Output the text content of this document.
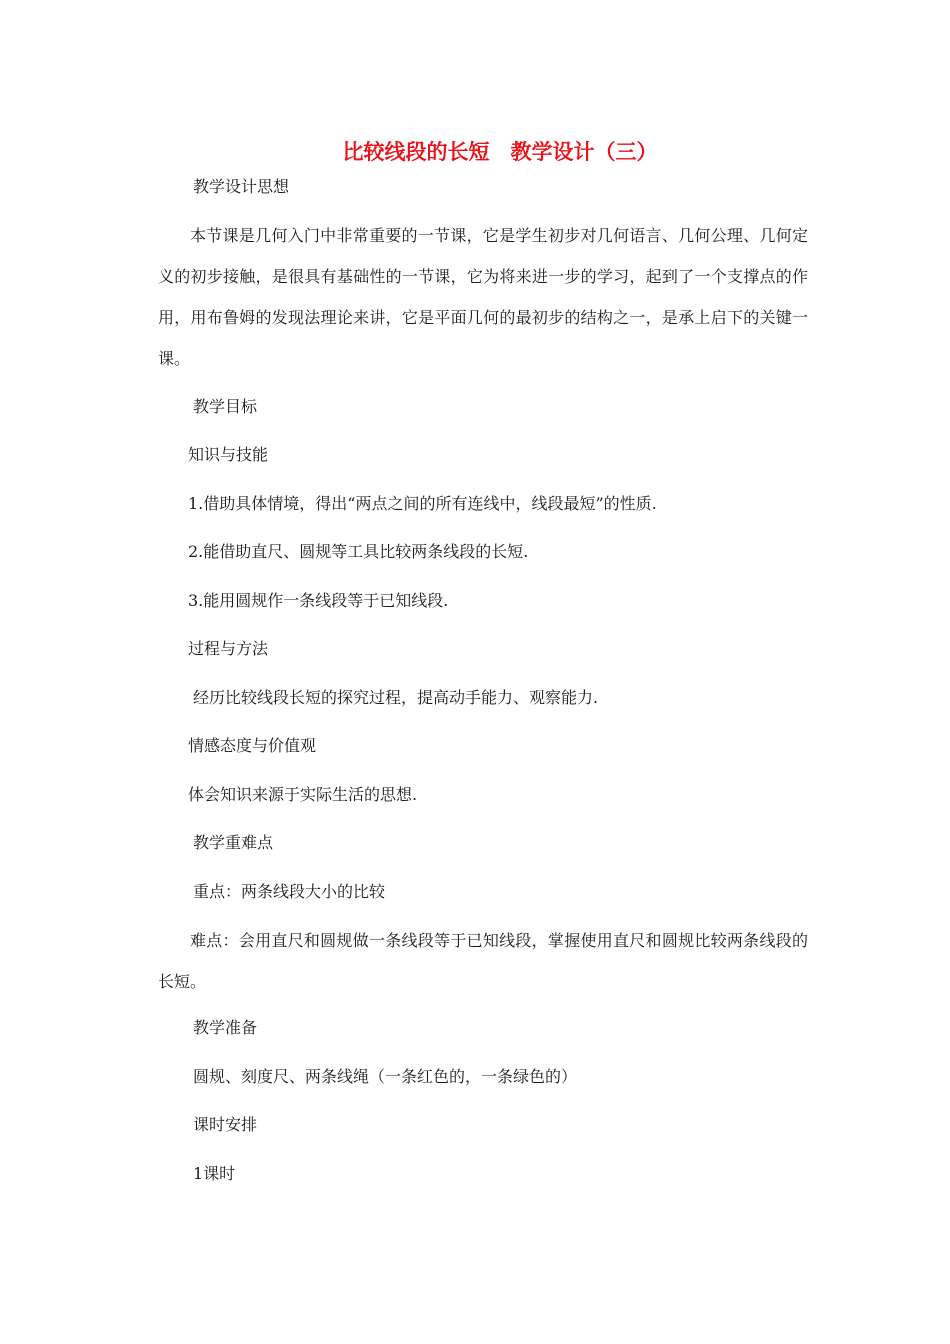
比较线段的长短　教学设计（三）
教学设计思想
本节课是几何入门中非常重要的一节课，它是学生初步对几何语言、几何公理、几何定义的初步接触，是很具有基础性的一节课，它为将来进一步的学习，起到了一个支撑点的作用，用布鲁姆的发现法理论来讲，它是平面几何的最初步的结构之一，是承上启下的关键一课。
教学目标
知识与技能
1.借助具体情境，得出“两点之间的所有连线中，线段最短”的性质.
2.能借助直尺、圆规等工具比较两条线段的长短.
3.能用圆规作一条线段等于已知线段.
过程与方法
经历比较线段长短的探究过程，提高动手能力、观察能力.
情感态度与价值观
体会知识来源于实际生活的思想.
教学重难点
重点：两条线段大小的比较
难点：会用直尺和圆规做一条线段等于已知线段，掌握使用直尺和圆规比较两条线段的长短。
教学准备
圆规、刻度尺、两条线绳（一条红色的，一条绿色的）
课时安排
1课时
